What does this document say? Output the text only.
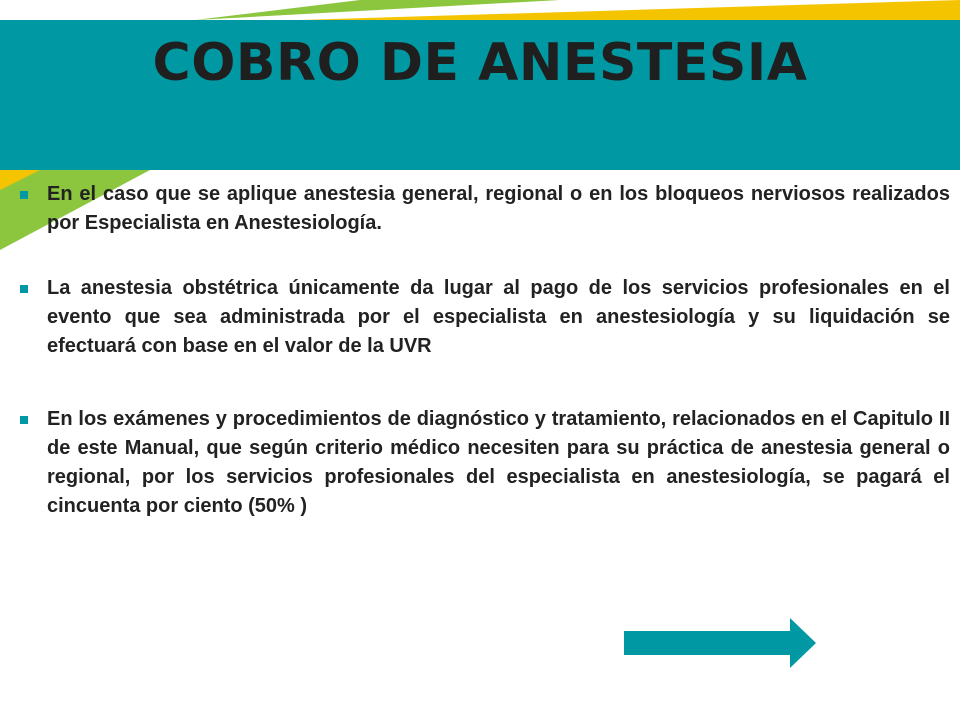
COBRO DE ANESTESIA
En el caso que se aplique anestesia general, regional o en los bloqueos nerviosos realizados por Especialista en Anestesiología.
La anestesia obstétrica únicamente da lugar al pago de los servicios profesionales en el evento que sea administrada por el especialista en anestesiología y su liquidación se efectuará con base en el valor de la UVR
En los exámenes y procedimientos de diagnóstico y tratamiento, relacionados en el Capitulo II de este Manual, que según criterio médico necesiten para su práctica de anestesia general o regional, por los servicios profesionales del especialista en anestesiología, se pagará el cincuenta por ciento (50% )
